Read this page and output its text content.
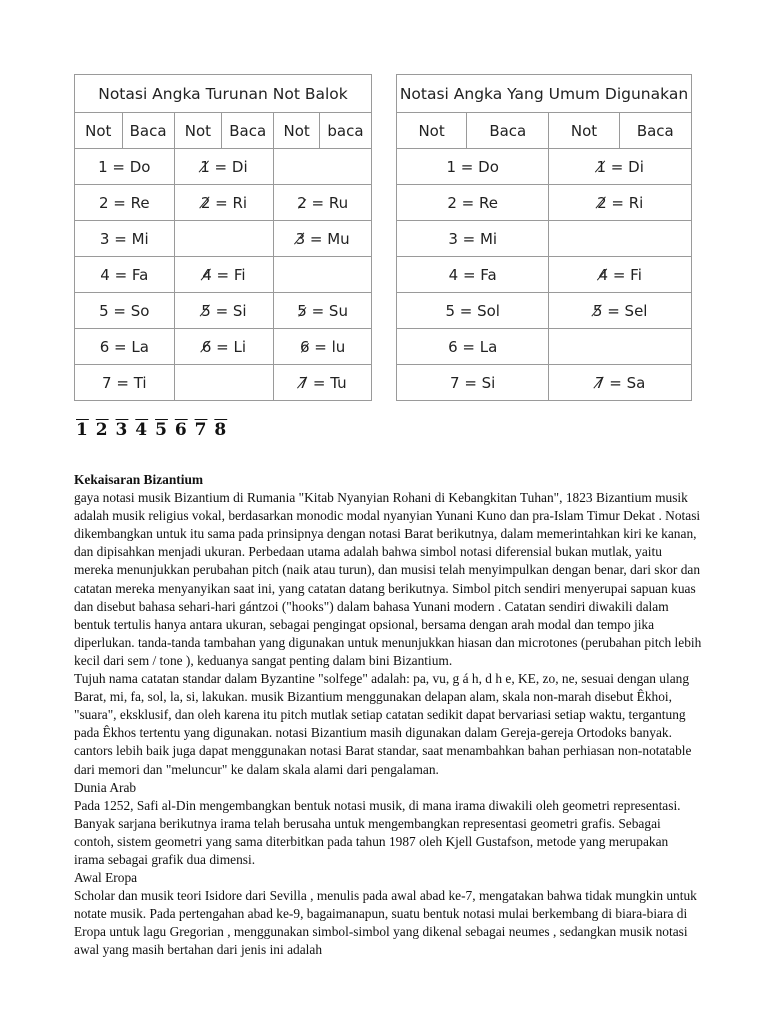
Notasi Angka Turunan Not Balok					
Not	Baca	Not	Baca	Not	baca
1 = Do		1̸ = Di			
2 = Re		2̸ = Ri		2̷ = Ru	
3 = Mi				3̸ = Mu	
4 = Fa		4̸ = Fi			
5 = So		5̸ = Si		5̷ = Su	
6 = La		6̸ = Li		6̷ = lu	
7 = Ti				7̸ = Tu	
Notasi Angka Yang Umum Digunakan			
Not	Baca	Not	Baca
1 = Do		1̸ = Di	
2 = Re		2̸ = Ri	
3 = Mi			
4 = Fa		4̸ = Fi	
5 = Sol		5̸ = Sel	
6 = La			
7 = Si		7̸ = Sa	
1 2 3 4 5 6 7 8

Kekaisaran Bizantium

gaya notasi musik Bizantium di Rumania "Kitab Nyanyian Rohani di Kebangkitan Tuhan", 1823 Bizantium musik adalah musik religius vokal, berdasarkan monodic modal nyanyian Yunani Kuno dan pra-Islam Timur Dekat . Notasi dikembangkan untuk itu sama pada prinsipnya dengan notasi Barat berikutnya, dalam memerintahkan kiri ke kanan, dan dipisahkan menjadi ukuran. Perbedaan utama adalah bahwa simbol notasi diferensial bukan mutlak, yaitu mereka menunjukkan perubahan pitch (naik atau turun), dan musisi telah menyimpulkan dengan benar, dari skor dan catatan mereka menyanyikan saat ini, yang catatan datang berikutnya. Simbol pitch sendiri menyerupai sapuan kuas dan disebut bahasa sehari-hari gántzoi ("hooks") dalam bahasa Yunani modern . Catatan sendiri diwakili dalam bentuk tertulis hanya antara ukuran, sebagai pengingat opsional, bersama dengan arah modal dan tempo jika diperlukan. tanda-tanda tambahan yang digunakan untuk menunjukkan hiasan dan microtones (perubahan pitch lebih kecil dari sem / tone ), keduanya sangat penting dalam bini Bizantium.

Tujuh nama catatan standar dalam Byzantine "solfege" adalah: pa, vu, g á h, d h e, KE, zo, ne, sesuai dengan ulang Barat, mi, fa, sol, la, si, lakukan. musik Bizantium menggunakan delapan alam, skala non-marah disebut Êkhoi, "suara", eksklusif, dan oleh karena itu pitch mutlak setiap catatan sedikit dapat bervariasi setiap waktu, tergantung pada Êkhos tertentu yang digunakan. notasi Bizantium masih digunakan dalam Gereja-gereja Ortodoks banyak. cantors lebih baik juga dapat menggunakan notasi Barat standar, saat menambahkan bahan perhiasan non-notatable dari memori dan "meluncur" ke dalam skala alami dari pengalaman.

Dunia Arab

Pada 1252, Safi al-Din mengembangkan bentuk notasi musik, di mana irama diwakili oleh geometri representasi. Banyak sarjana berikutnya irama telah berusaha untuk mengembangkan representasi geometri grafis. Sebagai contoh, sistem geometri yang sama diterbitkan pada tahun 1987 oleh Kjell Gustafson, metode yang merupakan irama sebagai grafik dua dimensi.

Awal Eropa

Scholar dan musik teori Isidore dari Sevilla , menulis pada awal abad ke-7, mengatakan bahwa tidak mungkin untuk notate musik. Pada pertengahan abad ke-9, bagaimanapun, suatu bentuk notasi mulai berkembang di biara-biara di Eropa untuk lagu Gregorian , menggunakan simbol-simbol yang dikenal sebagai neumes , sedangkan musik notasi awal yang masih bertahan dari jenis ini adalah
